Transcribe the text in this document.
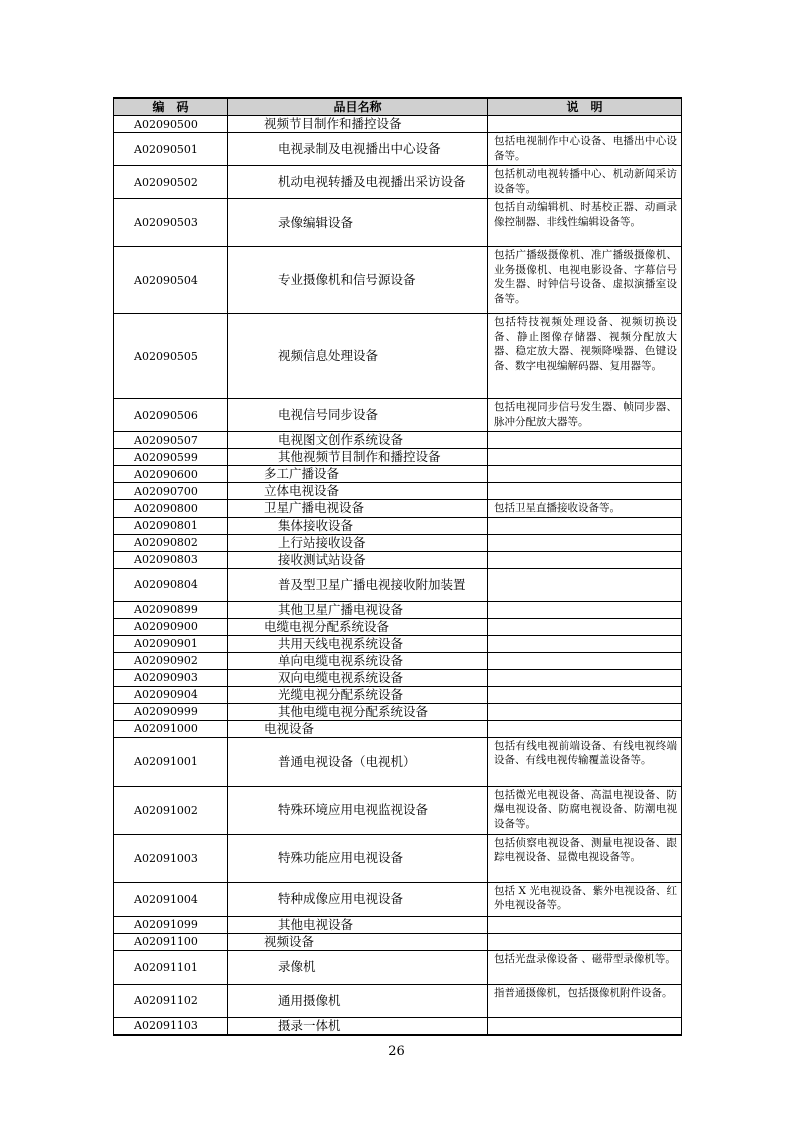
编　码	品目名称	说　明
A02090500	视频节目制作和播控设备	
A02090501	电视录制及电视播出中心设备	包括电视制作中心设备、电播出中心设备等。
A02090502	机动电视转播及电视播出采访设备	包括机动电视转播中心、机动新闻采访设备等。
A02090503	录像编辑设备	包括自动编辑机、时基校正器、动画录像控制器、非线性编辑设备等。
A02090504	专业摄像机和信号源设备	包括广播级摄像机、准广播级摄像机、业务摄像机、电视电影设备、字幕信号发生器、时钟信号设备、虚拟演播室设备等。
A02090505	视频信息处理设备	包括特技视频处理设备、视频切换设备、静止图像存储器、视频分配放大器、稳定放大器、视频降噪器、色键设备、数字电视编解码器、复用器等。
A02090506	电视信号同步设备	包括电视同步信号发生器、帧同步器、脉冲分配放大器等。
A02090507	电视图文创作系统设备	
A02090599	其他视频节目制作和播控设备	
A02090600	多工广播设备	
A02090700	立体电视设备	
A02090800	卫星广播电视设备	包括卫星直播接收设备等。
A02090801	集体接收设备	
A02090802	上行站接收设备	
A02090803	接收测试站设备	
A02090804	普及型卫星广播电视接收附加装置	
A02090899	其他卫星广播电视设备	
A02090900	电缆电视分配系统设备	
A02090901	共用天线电视系统设备	
A02090902	单向电缆电视系统设备	
A02090903	双向电缆电视系统设备	
A02090904	光缆电视分配系统设备	
A02090999	其他电缆电视分配系统设备	
A02091000	电视设备	
A02091001	普通电视设备（电视机）	包括有线电视前端设备、有线电视终端设备、有线电视传输覆盖设备等。
A02091002	特殊环境应用电视监视设备	包括微光电视设备、高温电视设备、防爆电视设备、防腐电视设备、防潮电视设备等。
A02091003	特殊功能应用电视设备	包括侦察电视设备、测量电视设备、跟踪电视设备、显微电视设备等。
A02091004	特种成像应用电视设备	包括 X 光电视设备、紫外电视设备、红外电视设备等。
A02091099	其他电视设备	
A02091100	视频设备	
A02091101	录像机	包括光盘录像设备 、磁带型录像机等。
A02091102	通用摄像机	指普通摄像机，包括摄像机附件设备。
A02091103	摄录一体机	
26
